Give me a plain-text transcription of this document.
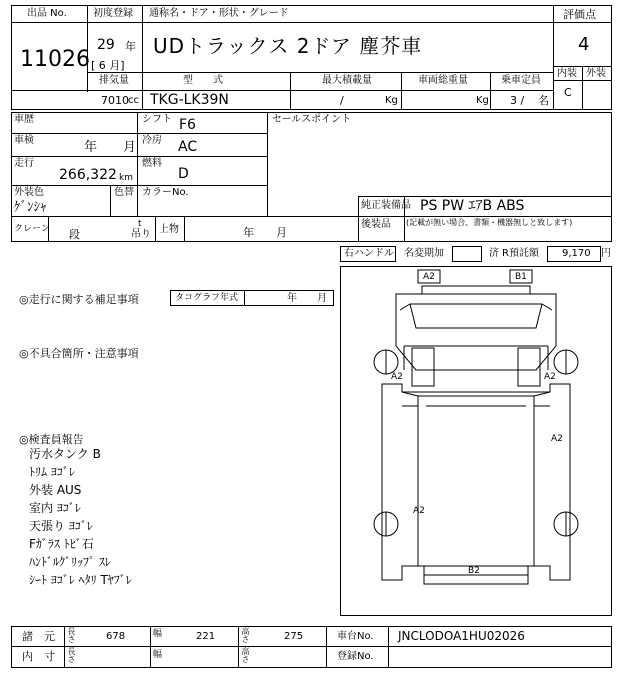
出品 No.
11026
初度登録 通称名・ドア・形状・グレード
29 年
[ 6 月]
UDトラックス 2ドア 塵芥車
評価点
4
内装 外装
C
排気量	型　　式	最大積載量	車両総重量	乗車定員
7010 cc TKG-LK39N	/	Kg	Kg 3 / 名
車歴	シフト F6
車検	年　　月 冷房 AC
走行
266,322 km
燃料
D
外装色
ｹﾞﾝｼｬ
色替 カラーNo.
セールスポイント
純正装備品 PS PW ｴｱB ABS
後装品 (記載が無い場合、書類・機器無しと致します)
クレーン 段
t
吊り 上物	年　　月
右ハンドル 名変期加	济 R預託額 9,170 円
◎走行に関する補足事項	タコグラフ年式	年　　月
◎不具合箇所・注意事項
◎検査員報告
汚水タンク B
ﾄﾘﾑ ﾖｺﾞﾚ
外装 AUS
室内 ﾖｺﾞﾚ
天張り ﾖｺﾞﾚ
Fｶﾞﾗｽ ﾄﾋﾞ石
ﾊﾝﾄﾞﾙｸﾞﾘｯﾌﾟ ｽﾚ
ｼｰﾄ ﾖｺﾞﾚ ﾍﾀﾘ Tﾔﾌﾞﾚ
A2	B1
A2	A2
A2
A2
B2
諸　元 長さ	678	幅	221	高さ	275	車台No. JNCLODOA1HU02026
内　寸 長さ	幅	高さ	登録No.
